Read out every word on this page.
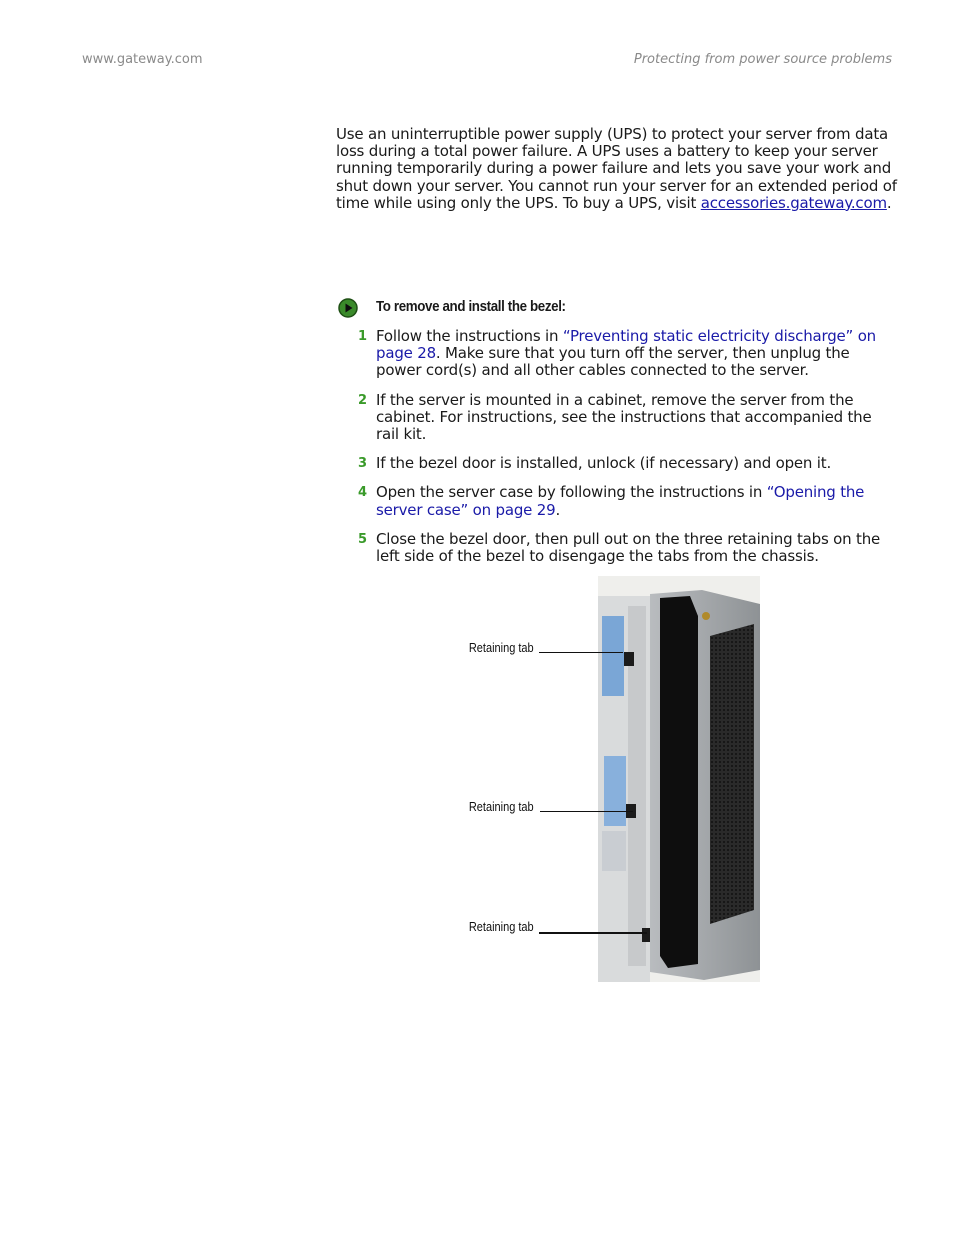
www.gateway.com	Protecting from power source problems

Use an uninterruptible power supply (UPS) to protect your server from data loss during a total power failure. A UPS uses a battery to keep your server running temporarily during a power failure and lets you save your work and shut down your server. You cannot run your server for an extended period of time while using only the UPS. To buy a UPS, visit accessories.gateway.com.

To remove and install the bezel:
1 Follow the instructions in “Preventing static electricity discharge” on page 28. Make sure that you turn off the server, then unplug the power cord(s) and all other cables connected to the server.
2 If the server is mounted in a cabinet, remove the server from the cabinet. For instructions, see the instructions that accompanied the rail kit.
3 If the bezel door is installed, unlock (if necessary) and open it.
4 Open the server case by following the instructions in “Opening the server case” on page 29.
5 Close the bezel door, then pull out on the three retaining tabs on the left side of the bezel to disengage the tabs from the chassis.
Retaining tab
Retaining tab
Retaining tab
